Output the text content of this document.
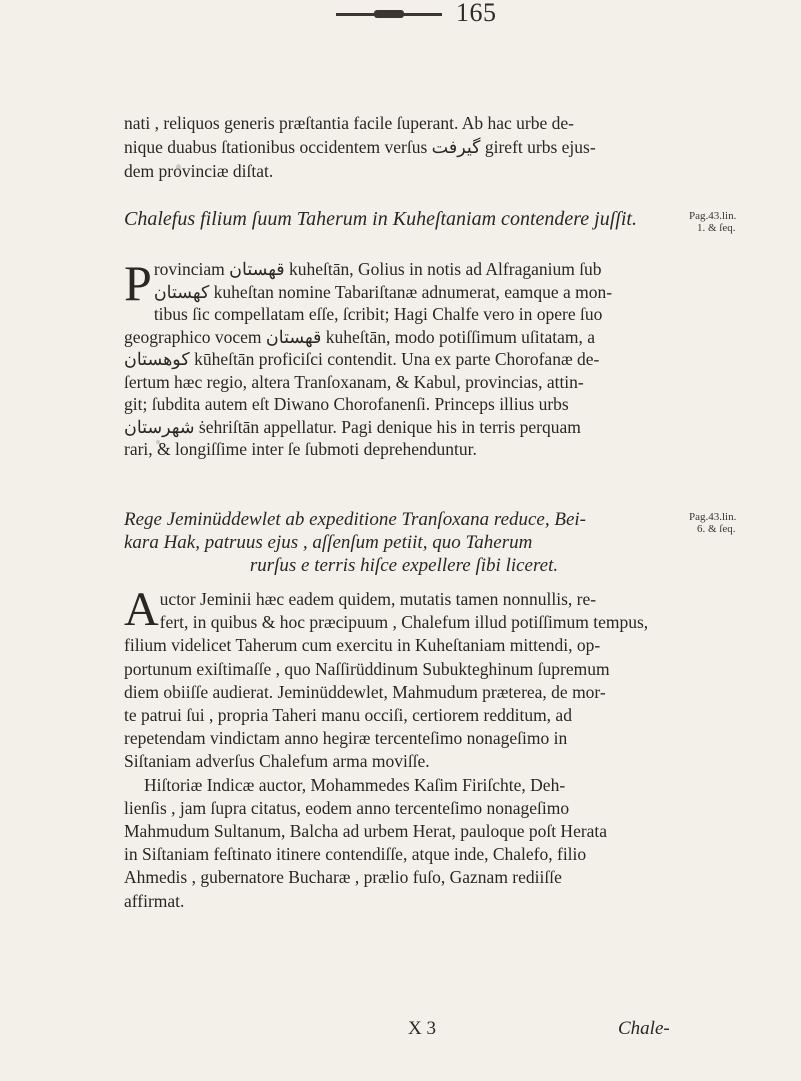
165
nati , reliquos generis præſtantia facile ſuperant. Ab hac urbe de-
nique duabus ſtationibus occidentem verſus گيرفت gireft urbs ejus-
dem provinciæ diſtat.
Chalefus filium ſuum Taherum in Kuheſtaniam contendere juſſit.	Pag.43.lin.
1. & ſeq.
P rovinciam قهستان kuheſtān, Golius in notis ad Alfraganium ſub
كهستان kuheſtan nomine Tabariſtanæ adnumerat, eamque a mon-
tibus ſic compellatam eſſe, ſcribit; Hagi Chalfe vero in opere ſuo
geographico vocem قهستان kuheſtān, modo potiſſimum uſitatam, a
كوهستان kūheſtān proficiſci contendit. Una ex parte Chorofanæ de-
ſertum hæc regio, altera Tranſoxanam, & Kabul, provincias, attin-
git; ſubdita autem eſt Diwano Chorofanenſi. Princeps illius urbs
شهرستان ṡehriſtān appellatur. Pagi denique his in terris perquam
rari, & longiſſime inter ſe ſubmoti deprehenduntur.
Rege Jeminüddewlet ab expeditione Tranſoxana reduce, Bei-
kara Hak, patruus ejus , aſſenſum petiit, quo Taherum
rurſus e terris hiſce expellere ſibi liceret.
Pag.43.lin.
6. & ſeq.
A uctor Jeminii hæc eadem quidem, mutatis tamen nonnullis, re-
fert, in quibus & hoc præcipuum , Chalefum illud potiſſimum tempus,
filium videlicet Taherum cum exercitu in Kuheſtaniam mittendi, op-
portunum exiſtimaſſe , quo Naſſirüddinum Subukteghinum ſupremum
diem obiiſſe audierat. Jeminüddewlet, Mahmudum præterea, de mor-
te patrui ſui , propria Taheri manu occiſi, certiorem redditum, ad
repetendam vindictam anno hegiræ tercenteſimo nonageſimo in
Siſtaniam adverſus Chalefum arma moviſſe.
Hiſtoriæ Indicæ auctor, Mohammedes Kaſim Firiſchte, Deh-
lienſis , jam ſupra citatus, eodem anno tercenteſimo nonageſimo
Mahmudum Sultanum, Balcha ad urbem Herat, pauloque poſt Herata
in Siſtaniam feſtinato itinere contendiſſe, atque inde, Chalefo, filio
Ahmedis , gubernatore Bucharæ , prælio fuſo, Gaznam rediiſſe
affirmat.
X 3	Chale-
